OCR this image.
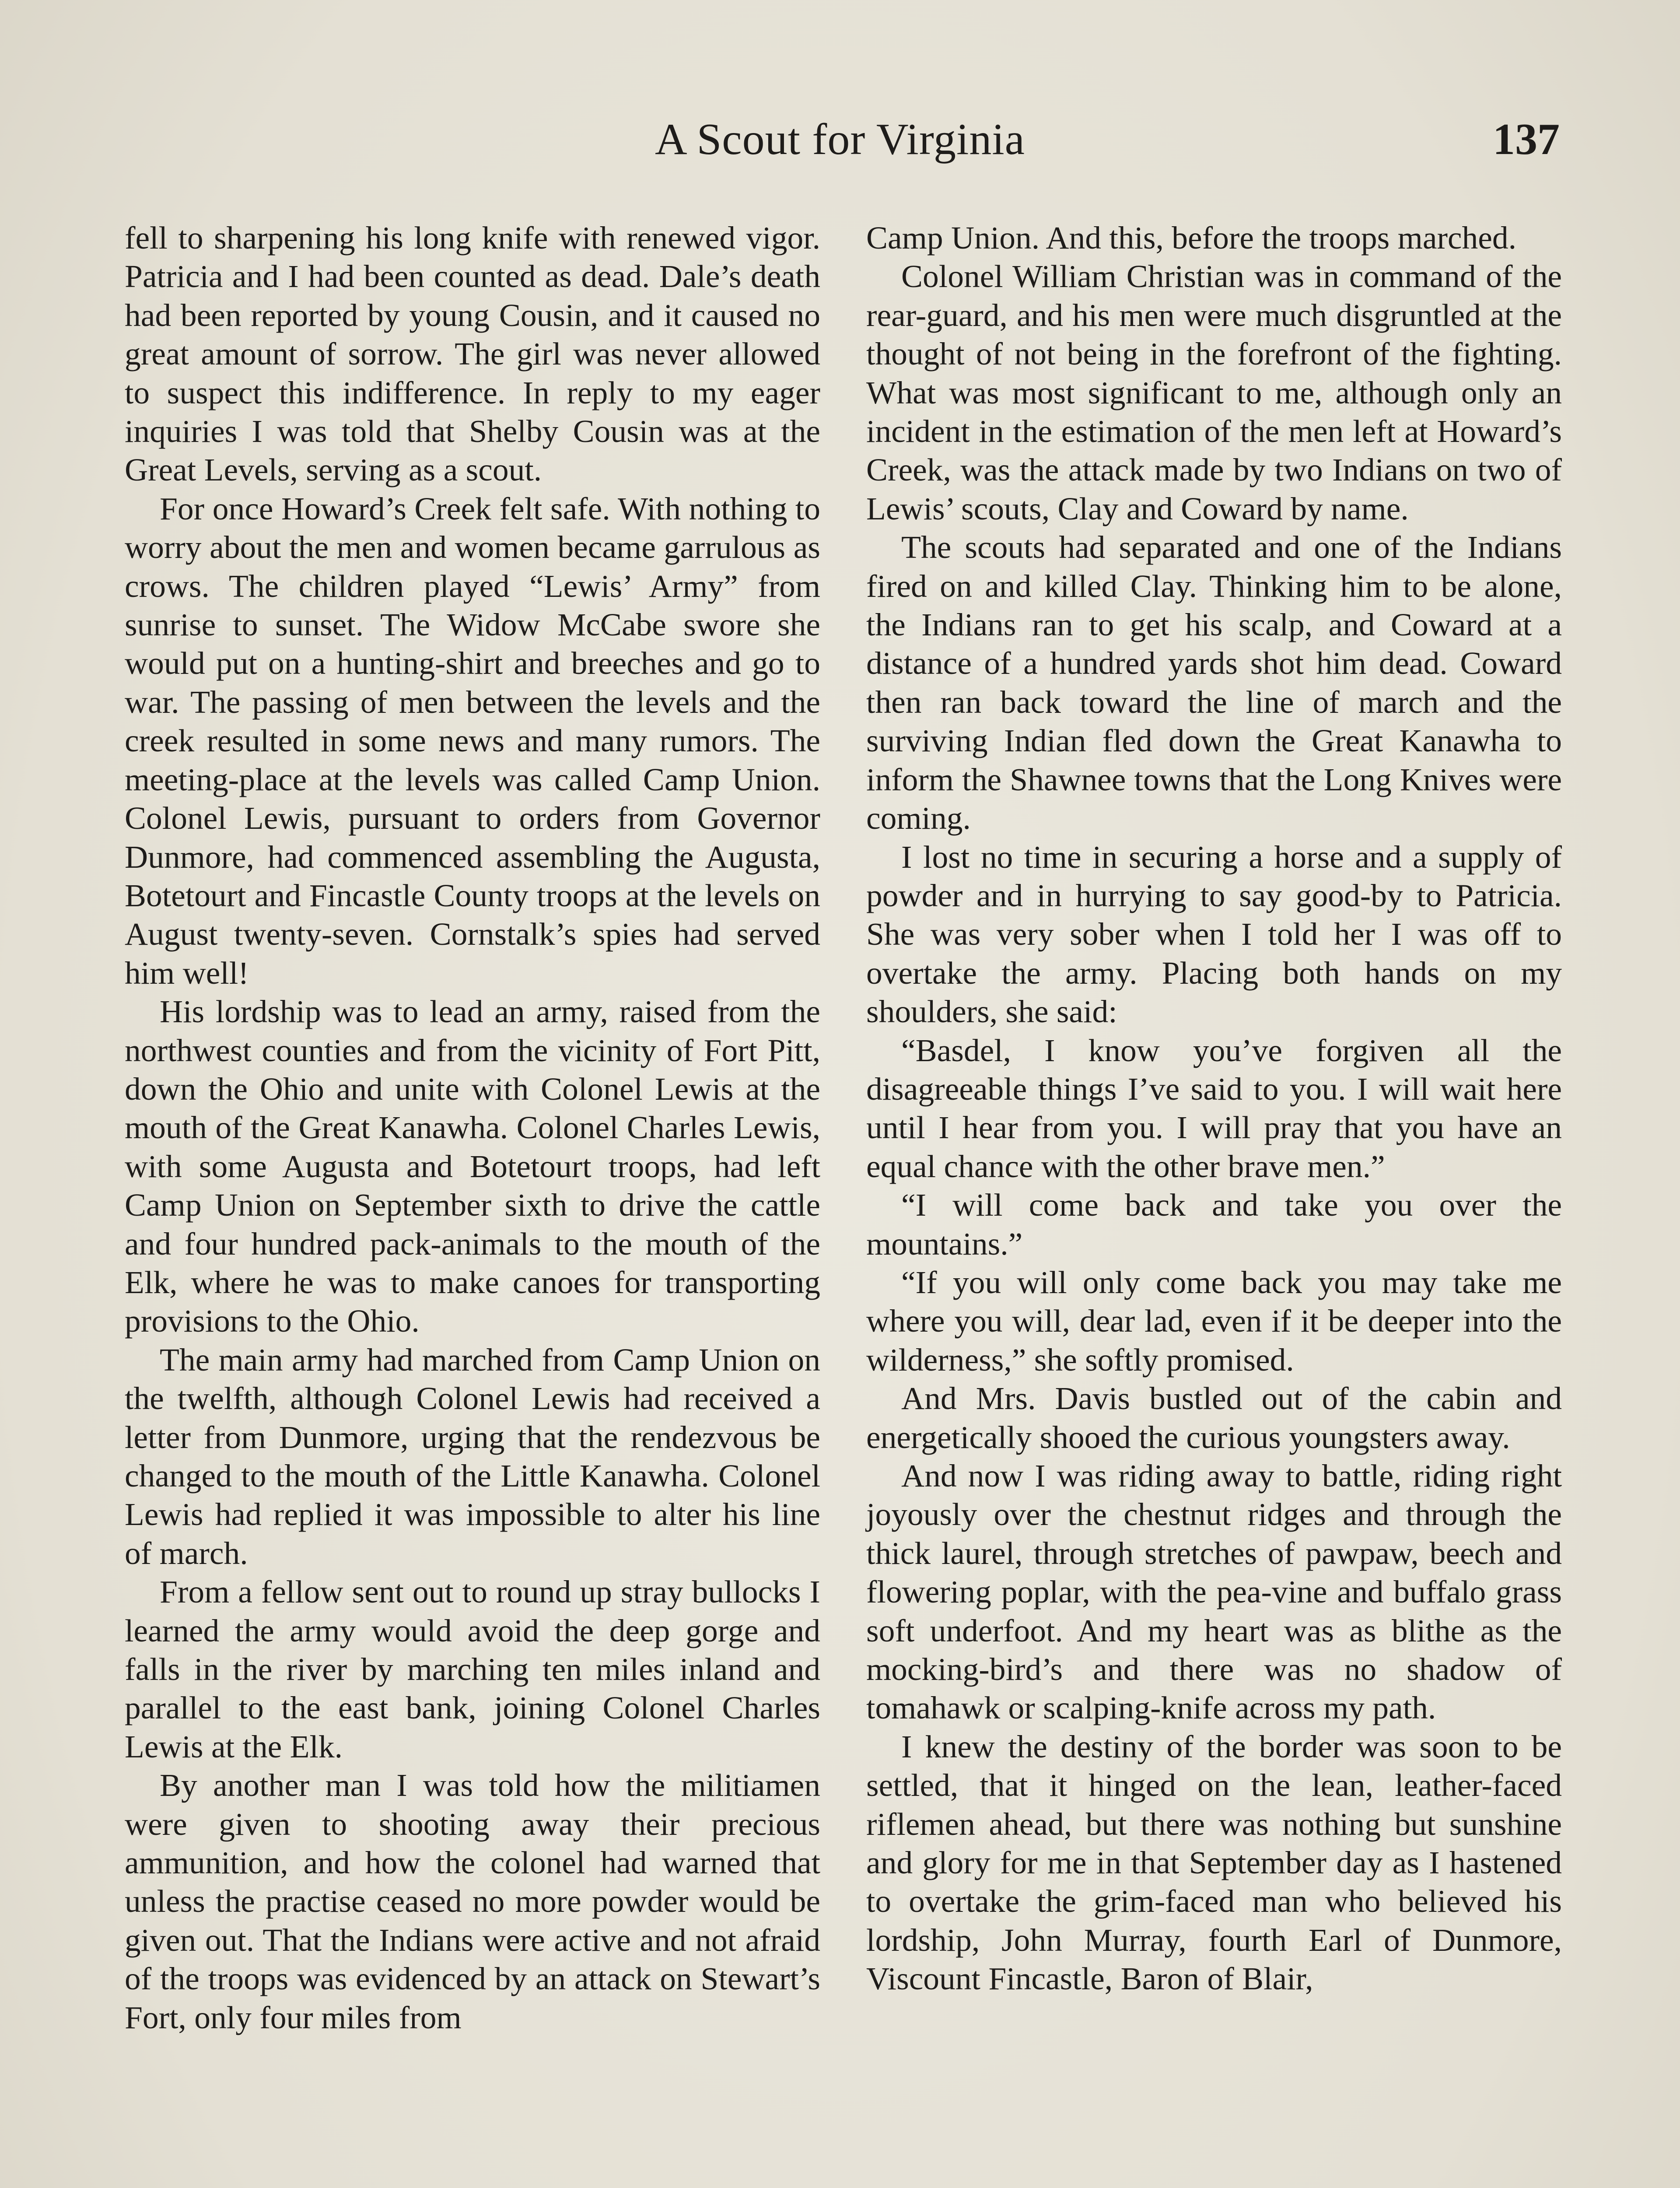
A Scout for Virginia	137

fell to sharpening his long knife with renewed vigor. Patricia and I had been counted as dead. Dale’s death had been reported by young Cousin, and it caused no great amount of sorrow. The girl was never allowed to suspect this indifference. In reply to my eager inquiries I was told that Shelby Cousin was at the Great Levels, serving as a scout.

For once Howard’s Creek felt safe. With nothing to worry about the men and women became garrulous as crows. The children played “Lewis’ Army” from sunrise to sunset. The Widow McCabe swore she would put on a hunting-shirt and breeches and go to war. The passing of men between the levels and the creek resulted in some news and many rumors. The meeting-place at the levels was called Camp Union. Colonel Lewis, pursuant to orders from Governor Dunmore, had commenced assembling the Augusta, Botetourt and Fincastle County troops at the levels on August twenty-seven. Cornstalk’s spies had served him well!

His lordship was to lead an army, raised from the northwest counties and from the vicinity of Fort Pitt, down the Ohio and unite with Colonel Lewis at the mouth of the Great Kanawha. Colonel Charles Lewis, with some Augusta and Botetourt troops, had left Camp Union on September sixth to drive the cattle and four hundred pack-animals to the mouth of the Elk, where he was to make canoes for transporting provisions to the Ohio.

The main army had marched from Camp Union on the twelfth, although Colonel Lewis had received a letter from Dunmore, urging that the rendezvous be changed to the mouth of the Little Kanawha. Colonel Lewis had replied it was impossible to alter his line of march.

From a fellow sent out to round up stray bullocks I learned the army would avoid the deep gorge and falls in the river by marching ten miles inland and parallel to the east bank, joining Colonel Charles Lewis at the Elk.

By another man I was told how the militiamen were given to shooting away their precious ammunition, and how the colonel had warned that unless the practise ceased no more powder would be given out. That the Indians were active and not afraid of the troops was evidenced by an attack on Stewart’s Fort, only four miles from

Camp Union. And this, before the troops marched.

Colonel William Christian was in command of the rear-guard, and his men were much disgruntled at the thought of not being in the forefront of the fighting. What was most significant to me, although only an incident in the estimation of the men left at Howard’s Creek, was the attack made by two Indians on two of Lewis’ scouts, Clay and Coward by name.

The scouts had separated and one of the Indians fired on and killed Clay. Thinking him to be alone, the Indians ran to get his scalp, and Coward at a distance of a hundred yards shot him dead. Coward then ran back toward the line of march and the surviving Indian fled down the Great Kanawha to inform the Shawnee towns that the Long Knives were coming.

I lost no time in securing a horse and a supply of powder and in hurrying to say good-by to Patricia. She was very sober when I told her I was off to overtake the army. Placing both hands on my shoulders, she said:

“Basdel, I know you’ve forgiven all the disagreeable things I’ve said to you. I will wait here until I hear from you. I will pray that you have an equal chance with the other brave men.”

“I will come back and take you over the mountains.”

“If you will only come back you may take me where you will, dear lad, even if it be deeper into the wilderness,” she softly promised.

And Mrs. Davis bustled out of the cabin and energetically shooed the curious youngsters away.

And now I was riding away to battle, riding right joyously over the chestnut ridges and through the thick laurel, through stretches of pawpaw, beech and flowering poplar, with the pea-vine and buffalo grass soft underfoot. And my heart was as blithe as the mocking-bird’s and there was no shadow of tomahawk or scalping-knife across my path.

I knew the destiny of the border was soon to be settled, that it hinged on the lean, leather-faced riflemen ahead, but there was nothing but sunshine and glory for me in that September day as I hastened to overtake the grim-faced man who believed his lordship, John Murray, fourth Earl of Dunmore, Viscount Fincastle, Baron of Blair,
